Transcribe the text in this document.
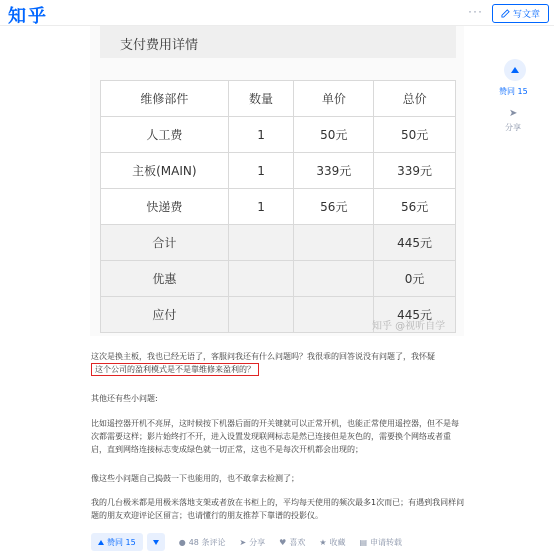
知乎	···	写文章
支付费用详情
维修部件	数量	单价	总价
人工费	1	50元	50元
主板(MAIN)	1	339元	339元
快递费	1	56元	56元
合计			445元
优惠			0元
应付			445元
知乎 @视听自学
赞同 15
➤
分享
这次是换主板，我也已经无语了，客服问我还有什么问题吗？我很乖的回答说没有问题了，我怀疑
这个公司的盈利模式是不是靠维修来盈利的？
其他还有些小问题:
比如遥控器开机不亮屏，这时候按下机器后面的开关键就可以正常开机，也能正常使用遥控器，但不是每次都需要这样；影片始终打不开，进入设置发现联网标志是然已连接但是灰色的，需要换个网络或者重启，直到网络连接标志变成绿色就一切正常，这也不是每次开机都会出现的；
像这些小问题自己捣鼓一下也能用的，也不敢拿去检测了；
我的几台极米都是用极米落地支架或者放在书柜上的，平均每天使用的频次最多1次而已；有遇到我同样问题的朋友欢迎评论区留言；也请懂行的朋友推荐下靠谱的投影仪。
赞同 15	● 48 条评论 ➤ 分享 ♥ 喜欢 ★ 收藏 ▤ 申请转载
